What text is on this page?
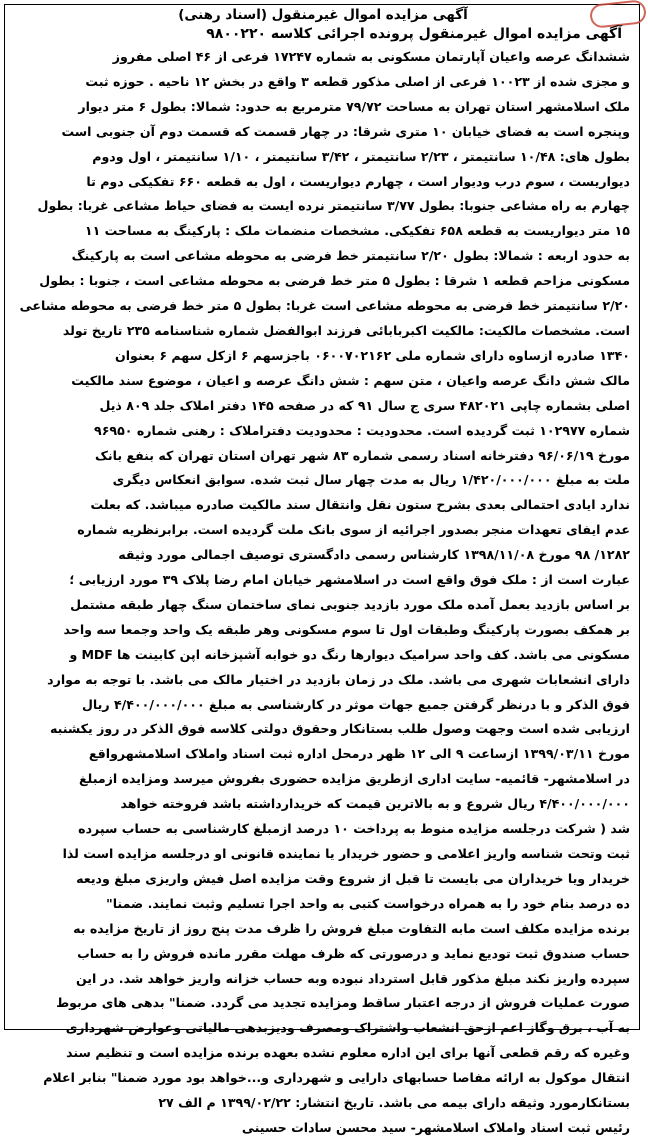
آگهی مزایده اموال غیرمنقول (اسناد رهنی)

آگهی مزایده اموال غیرمنقول پرونده اجرائی کلاسه ۹۸۰۰۲۲۰

ششدانگ عرصه واعیان آپارتمان مسکونی به شماره ۱۷۲۴۷ فرعی از ۴۶ اصلی مفروز

و مجزی شده از ۱۰۰۲۳ فرعی از اصلی مذکور قطعه ۳ واقع در بخش ۱۲ ناحیه . حوزه ثبت

ملک اسلامشهر استان تهران به مساحت ۷۹/۷۲ مترمربع به حدود: شمالا: بطول ۶ متر دیوار

وپنجره است به فضای خیابان ۱۰ متری شرقا: در چهار قسمت که قسمت دوم آن جنوبی است

بطول های: ۱۰/۴۸ سانتیمتر ، ۲/۲۳ سانتیمتر ، ۳/۴۲ سانتیمتر ، ۱/۱۰ سانتیمتر ، اول ودوم

دیواریست ، سوم درب ودیوار است ، چهارم دیواریست ، اول به قطعه ۶۶۰ تفکیکی دوم تا

چهارم به راه مشاعی جنوبا: بطول ۳/۷۷ سانتیمتر نرده ایست به فضای حیاط مشاعی غربا: بطول

۱۵ متر دیواریست به قطعه ۶۵۸ تفکیکی. مشخصات منضمات ملک : پارکینگ به مساحت ۱۱

به حدود اربعه : شمالا: بطول ۲/۲۰ سانتیمتر خط فرضی به محوطه مشاعی است به پارکینگ

مسکونی مزاحم قطعه ۱ شرقا : بطول ۵ متر خط فرضی به محوطه مشاعی است ، جنوبا : بطول

۲/۲۰ سانتیمتر خط فرضی به محوطه مشاعی است غربا: بطول ۵ متر خط فرضی به محوطه مشاعی

است. مشخصات مالکیت: مالکیت اکبربابائی فرزند ابوالفضل شماره شناسنامه ۲۳۵ تاریخ تولد

۱۳۴۰ صادره ازساوه دارای شماره ملی ۰۶۰۰۷۰۲۱۶۲ باجزسهم ۶ ازکل سهم ۶ بعنوان

مالک شش دانگ عرصه واعیان ، متن سهم : شش دانگ عرصه و اعیان ، موضوع سند مالکیت

اصلی بشماره چاپی ۴۸۲۰۲۱ سری ج سال ۹۱ که در صفحه ۱۴۵ دفتر املاک جلد ۸۰۹ ذیل

شماره ۱۰۲۹۷۷ ثبت گردیده است. محدودیت : محدودیت دفتراملاک : رهنی شماره ۹۶۹۵۰

مورخ ۹۶/۰۶/۱۹ دفترخانه اسناد رسمی شماره ۸۳ شهر تهران استان تهران که بنفع بانک

ملت به مبلغ ۱/۴۲۰/۰۰۰/۰۰۰ ریال به مدت چهار سال ثبت شده. سوابق انعکاس دیگری

ندارد ایادی احتمالی بعدی بشرح ستون نقل وانتقال سند مالکیت صادره میباشد. که بعلت

عدم ایفای تعهدات منجر بصدور اجرائیه از سوی بانک ملت گردیده است. برابرنظریه شماره

۱۲۸۲/ ۹۸ مورخ ۱۳۹۸/۱۱/۰۸ کارشناس رسمی دادگستری توصیف اجمالی مورد وثیقه

عبارت است از : ملک فوق واقع است در اسلامشهر خیابان امام رضا پلاک ۳۹ مورد ارزیابی ؛

بر اساس بازدید بعمل آمده ملک مورد بازدید جنوبی نمای ساختمان سنگ چهار طبقه مشتمل

بر همکف بصورت پارکینگ وطبقات اول تا سوم مسکونی وهر طبقه یک واحد وجمعا سه واحد

مسکونی می باشد. کف واحد سرامیک دیوارها رنگ دو خوابه آشپزخانه اپن کابینت ها MDF و

دارای انشعابات شهری می باشد. ملک در زمان بازدید در اختیار مالک می باشد. با توجه به موارد

فوق الذکر و با درنظر گرفتن جمیع جهات موثر در کارشناسی به مبلغ ۴/۴۰۰/۰۰۰/۰۰۰ ریال

ارزیابی شده است وجهت وصول طلب بستانکار وحقوق دولتی کلاسه فوق الذکر در روز یکشنبه

مورخ ۱۳۹۹/۰۳/۱۱ ازساعت ۹ الی ۱۲ ظهر درمحل اداره ثبت اسناد واملاک اسلامشهرواقع

در اسلامشهر- قائمیه- سایت اداری ازطریق مزایده حضوری بفروش میرسد ومزایده ازمبلغ

۴/۴۰۰/۰۰۰/۰۰۰ ریال شروع و به بالاترین قیمت که خریدارداشته باشد فروخته خواهد

شد ( شرکت درجلسه مزایده منوط به پرداخت ۱۰ درصد ازمبلغ کارشناسی به حساب سپرده

ثبت وتحت شناسه واریز اعلامی و حضور خریدار یا نماینده قانونی او درجلسه مزایده است لذا

خریدار ویا خریداران می بایست تا قبل از شروع وقت مزایده اصل فیش واریزی مبلغ ودیعه

ده درصد بنام خود را به همراه درخواست کتبی به واحد اجرا تسلیم وثبت نمایند. ضمنا"

برنده مزایده مکلف است مابه التفاوت مبلغ فروش را ظرف مدت پنج روز از تاریخ مزایده به

حساب صندوق ثبت تودیع نماید و درصورتی که ظرف مهلت مقرر مانده فروش را به حساب

سپرده واریز نکند مبلغ مذکور قابل استرداد نبوده وبه حساب خزانه واریز خواهد شد. در این

صورت عملیات فروش از درجه اعتبار ساقط ومزایده تجدید می گردد. ضمنا" بدهی های مربوط

به آب ، برق وگاز اعم ازحق انشعاب واشتراک ومصرف ودیزبدهی مالیاتی وعوارض شهرداری

وغیره که رقم قطعی آنها برای این اداره معلوم نشده بعهده برنده مزایده است و تنظیم سند

انتقال موکول به ارائه مفاصا حسابهای دارایی و شهرداری و...خواهد بود مورد ضمنا" بنابر اعلام

بستانکارمورد وثیقه دارای بیمه می باشد. تاریخ انتشار: ۱۳۹۹/۰۲/۲۲ م الف ۲۷

رئیس ثبت اسناد واملاک اسلامشهر- سید محسن سادات حسینی
